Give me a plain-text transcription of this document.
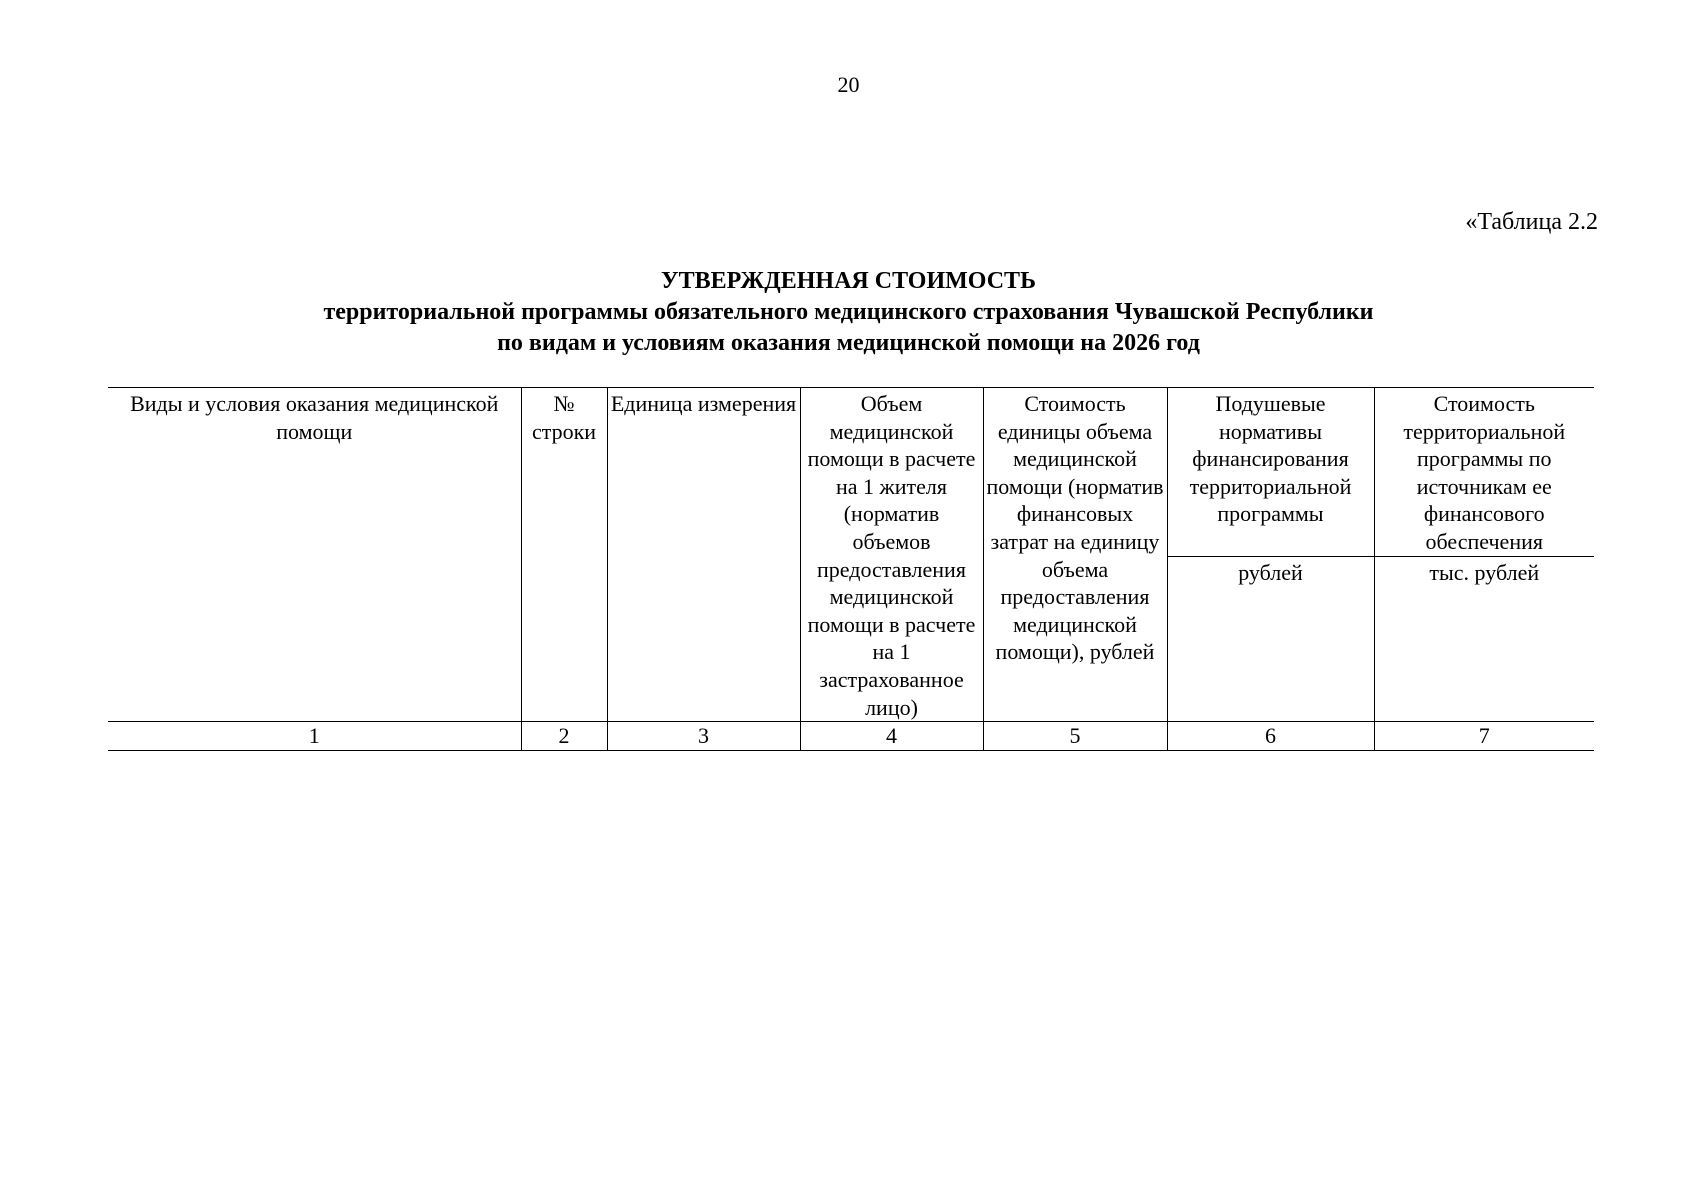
20
«Таблица 2.2
УТВЕРЖДЕННАЯ СТОИМОСТЬ
территориальной программы обязательного медицинского страхования Чувашской Республики
по видам и условиям оказания медицинской помощи на 2026 год
Виды и условия оказания медицинской помощи	№ строки	Единица измерения	Объем медицинской помощи в расчете на 1 жителя (норматив объемов предоставления медицинской помощи в расчете на 1 застрахованное лицо)	Стоимость единицы объема медицинской помощи (норматив финансовых затрат на единицу объема предоставления медицинской помощи), рублей	Подушевые нормативы финансирования территориальной программы	Стоимость территориальной программы по источникам ее финансового обеспечения
					рублей	тыс. рублей
1	2	3	4	5	6	7
